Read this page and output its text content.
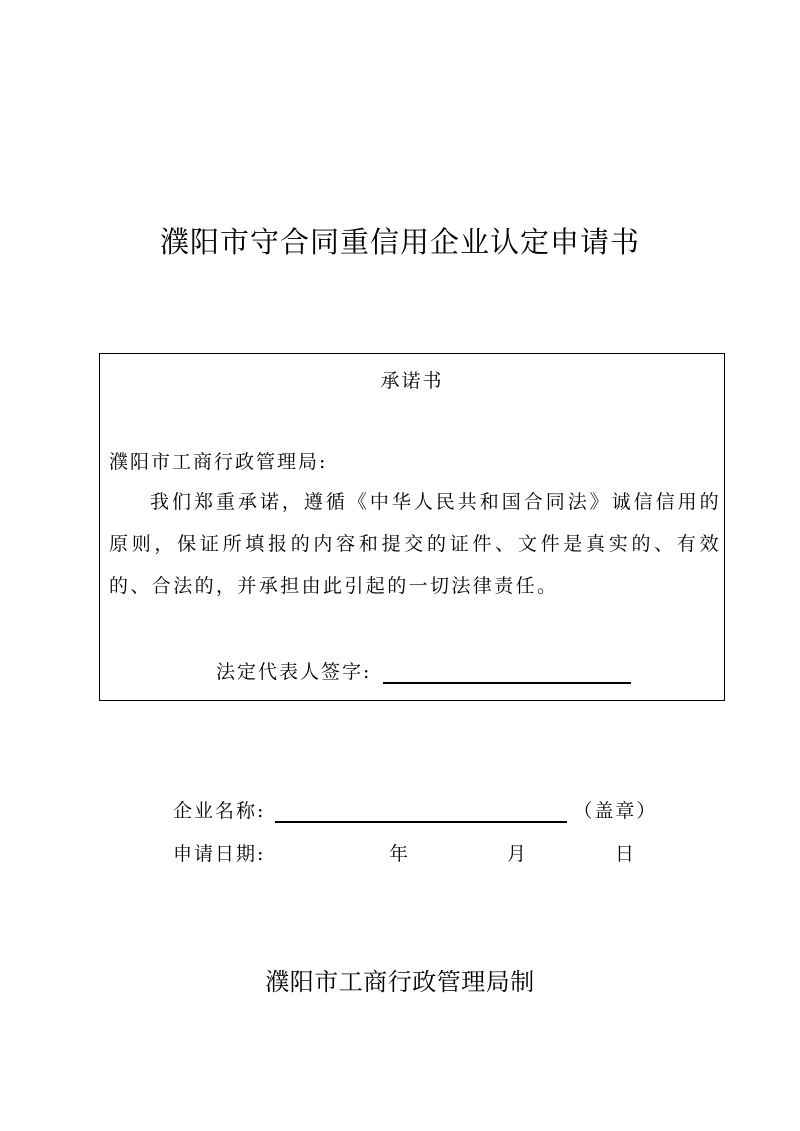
濮阳市守合同重信用企业认定申请书
承诺书
濮阳市工商行政管理局:

我们郑重承诺，遵循《中华人民共和国合同法》诚信信用的原则，保证所填报的内容和提交的证件、文件是真实的、有效的、合法的，并承担由此引起的一切法律责任。

法定代表人签字:
企业名称:	（盖章）
申请日期:	年	月	日
濮阳市工商行政管理局制
